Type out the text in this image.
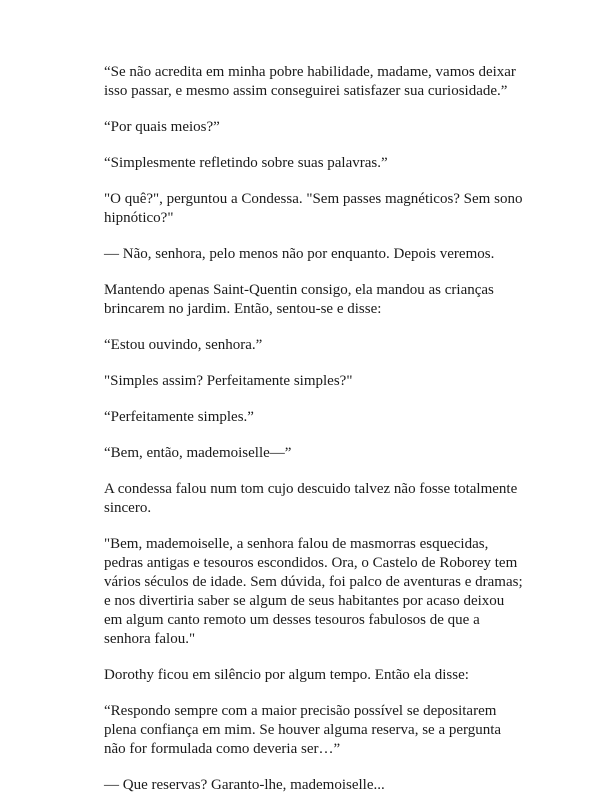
“Se não acredita em minha pobre habilidade, madame, vamos deixar isso passar, e mesmo assim conseguirei satisfazer sua curiosidade.”

“Por quais meios?”

“Simplesmente refletindo sobre suas palavras.”

"O quê?", perguntou a Condessa. "Sem passes magnéticos? Sem sono hipnótico?"

— Não, senhora, pelo menos não por enquanto. Depois veremos.

Mantendo apenas Saint-Quentin consigo, ela mandou as crianças brincarem no jardim. Então, sentou-se e disse:

“Estou ouvindo, senhora.”

"Simples assim? Perfeitamente simples?"

“Perfeitamente simples.”

“Bem, então, mademoiselle—”

A condessa falou num tom cujo descuido talvez não fosse totalmente sincero.

"Bem, mademoiselle, a senhora falou de masmorras esquecidas, pedras antigas e tesouros escondidos. Ora, o Castelo de Roborey tem vários séculos de idade. Sem dúvida, foi palco de aventuras e dramas; e nos divertiria saber se algum de seus habitantes por acaso deixou em algum canto remoto um desses tesouros fabulosos de que a senhora falou."

Dorothy ficou em silêncio por algum tempo. Então ela disse:

“Respondo sempre com a maior precisão possível se depositarem plena confiança em mim. Se houver alguma reserva, se a pergunta não for formulada como deveria ser…”

— Que reservas? Garanto-lhe, mademoiselle...
